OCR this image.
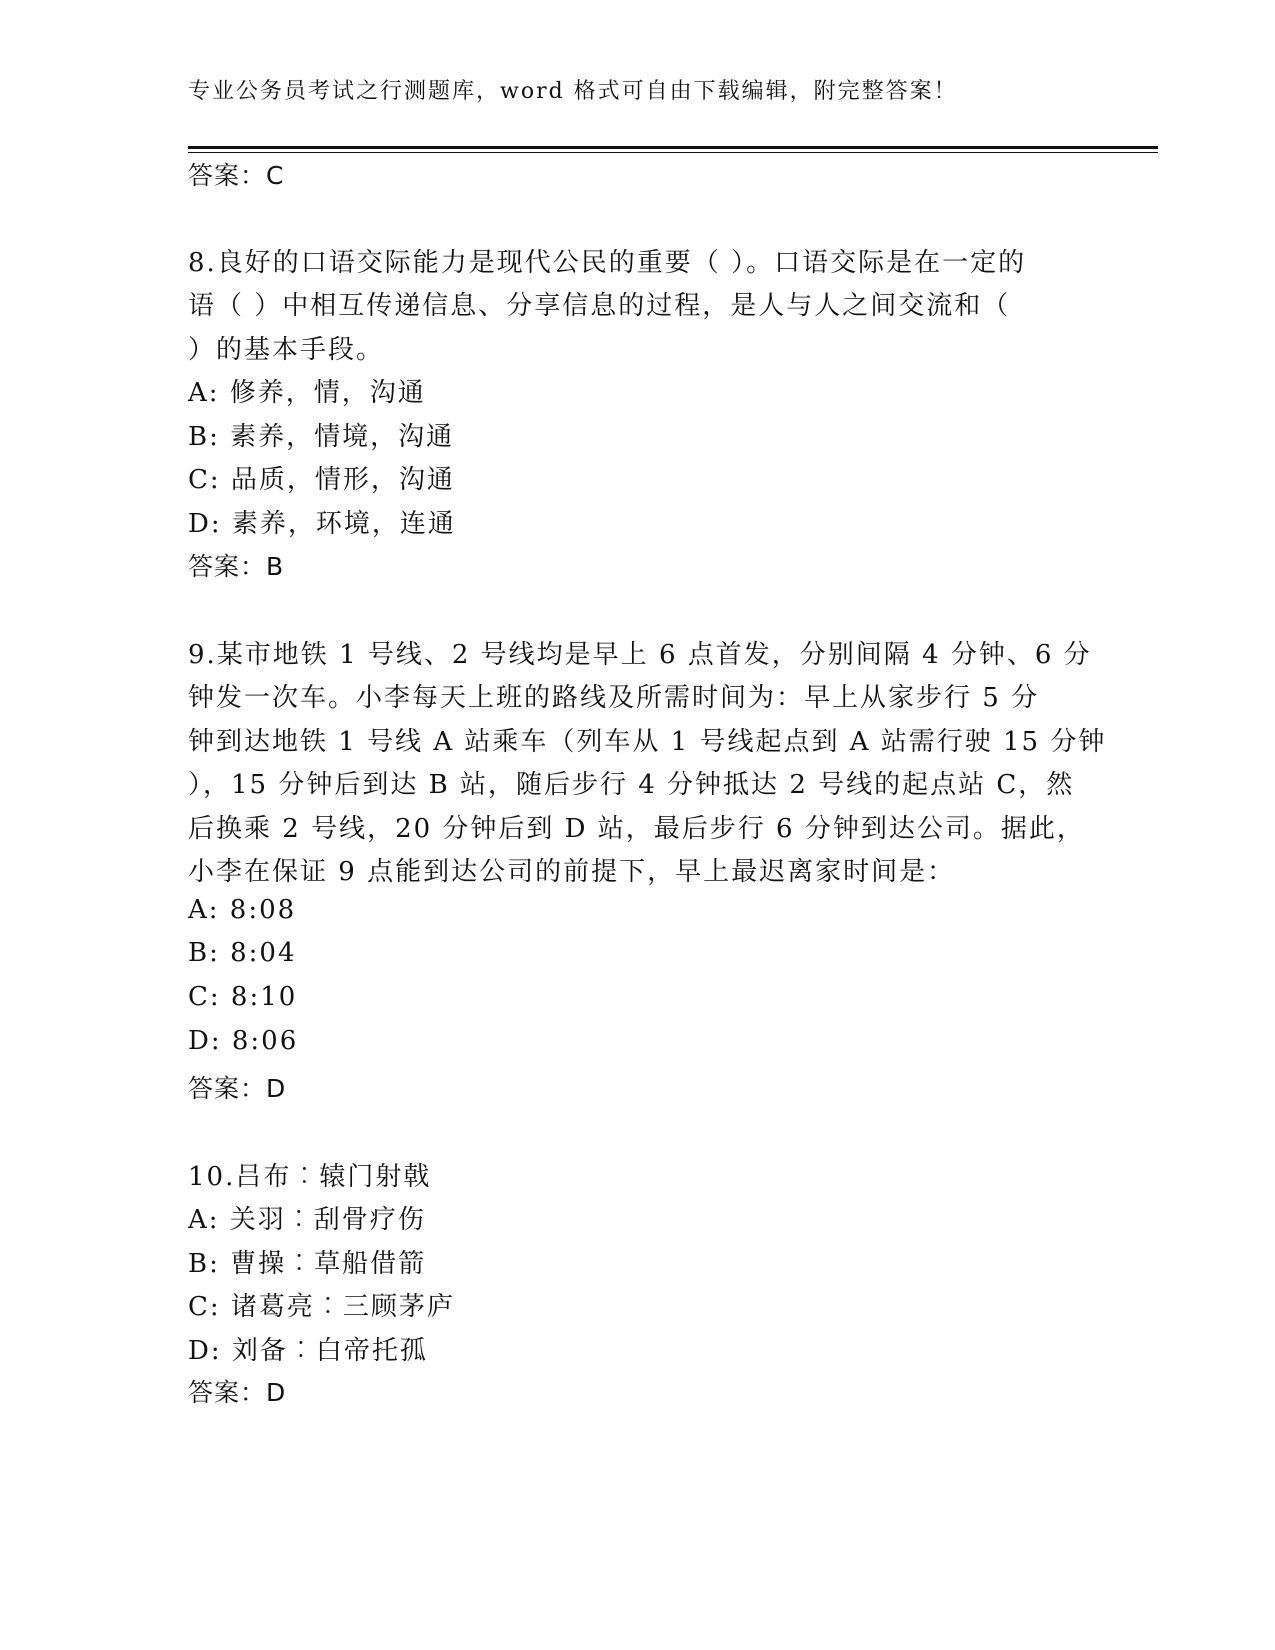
专业公务员考试之行测题库，word 格式可自由下载编辑，附完整答案！
答案：C
8.良好的口语交际能力是现代公民的重要（ ）。口语交际是在一定的
语（ ）中相互传递信息、分享信息的过程，是人与人之间交流和（
）的基本手段。
A: 修养，情，沟通
B: 素养，情境，沟通
C: 品质，情形，沟通
D: 素养，环境，连通
答案：B
9.某市地铁 1 号线、2 号线均是早上 6 点首发，分别间隔 4 分钟、6 分
钟发一次车。小李每天上班的路线及所需时间为：早上从家步行 5 分
钟到达地铁 1 号线 A 站乘车（列车从 1 号线起点到 A 站需行驶 15 分钟
），15 分钟后到达 B 站，随后步行 4 分钟抵达 2 号线的起点站 C，然
后换乘 2 号线，20 分钟后到 D 站，最后步行 6 分钟到达公司。据此，
小李在保证 9 点能到达公司的前提下，早上最迟离家时间是：
A: 8:08
B: 8:04
C: 8:10
D: 8:06
答案：D
10.吕布︰辕门射戟
A: 关羽︰刮骨疗伤
B: 曹操︰草船借箭
C: 诸葛亮︰三顾茅庐
D: 刘备︰白帝托孤
答案：D
